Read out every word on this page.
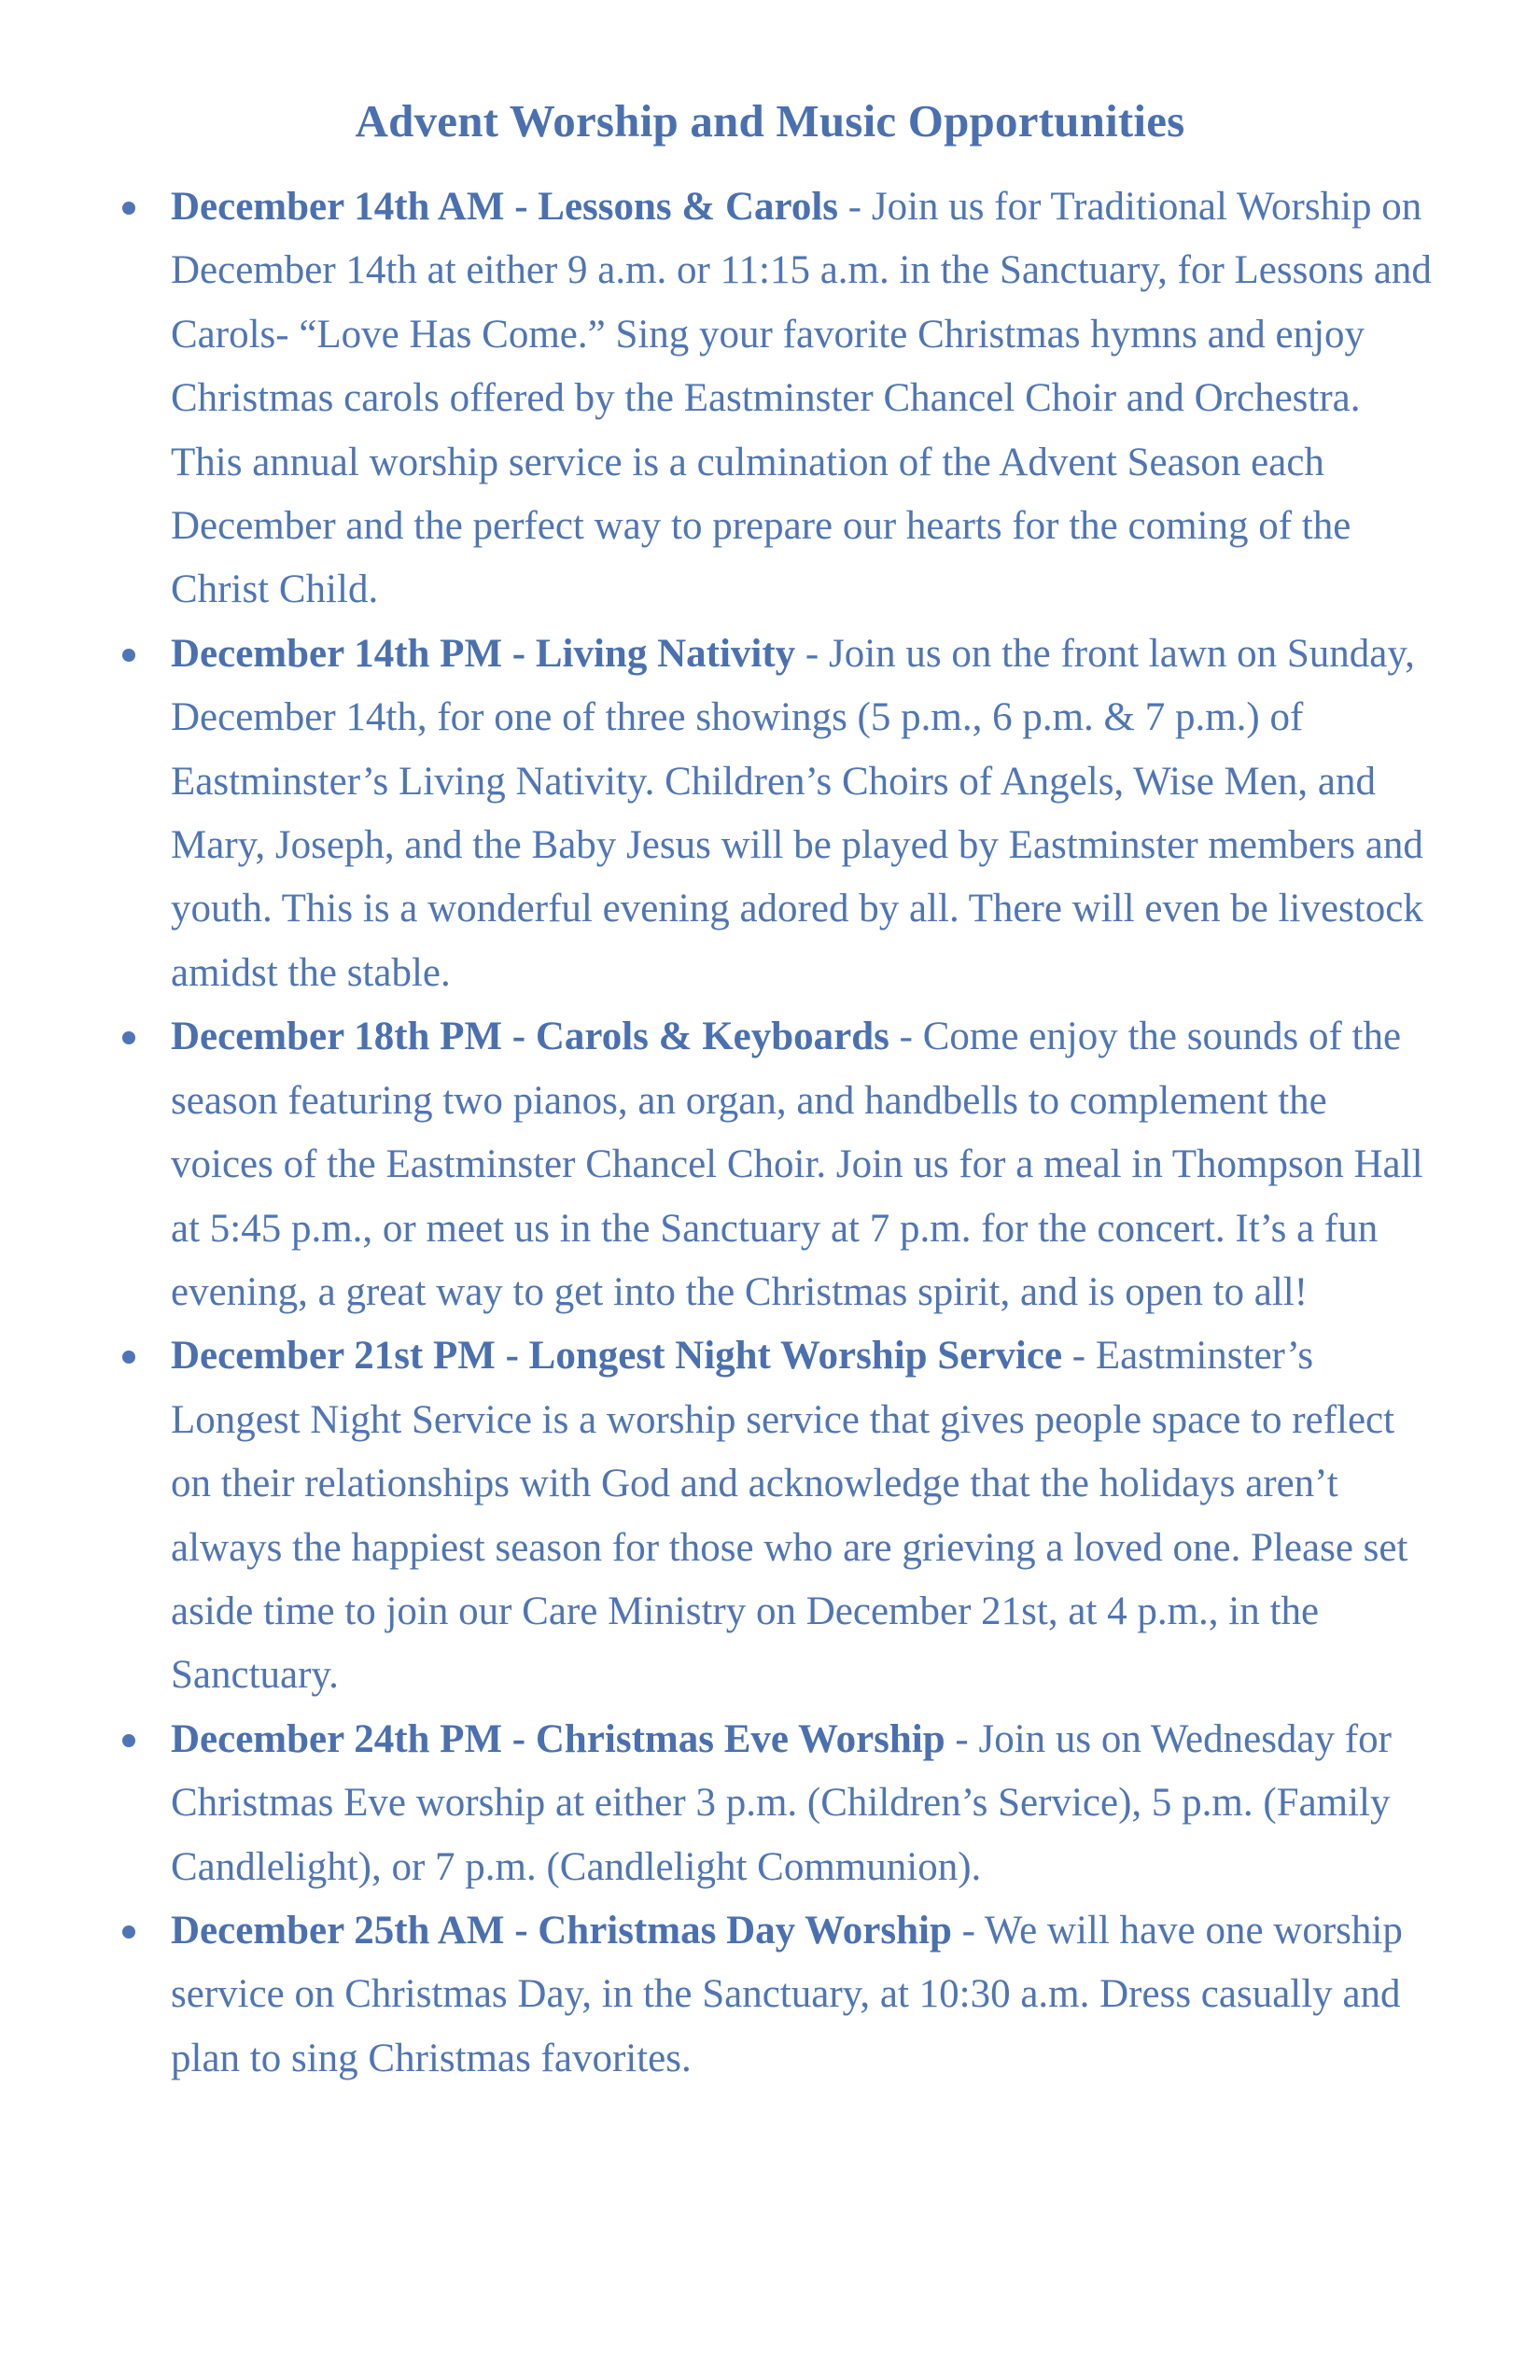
Advent Worship and Music Opportunities
December 14th AM - Lessons & Carols - Join us for Traditional Worship on December 14th at either 9 a.m. or 11:15 a.m. in the Sanctuary, for Lessons and Carols- “Love Has Come.” Sing your favorite Christmas hymns and enjoy Christmas carols offered by the Eastminster Chancel Choir and Orchestra. This annual worship service is a culmination of the Advent Season each December and the perfect way to prepare our hearts for the coming of the Christ Child.
December 14th PM - Living Nativity - Join us on the front lawn on Sunday, December 14th, for one of three showings (5 p.m., 6 p.m. & 7 p.m.) of Eastminster’s Living Nativity. Children’s Choirs of Angels, Wise Men, and Mary, Joseph, and the Baby Jesus will be played by Eastminster members and youth. This is a wonderful evening adored by all. There will even be livestock amidst the stable.
December 18th PM - Carols & Keyboards - Come enjoy the sounds of the season featuring two pianos, an organ, and handbells to complement the voices of the Eastminster Chancel Choir. Join us for a meal in Thompson Hall at 5:45 p.m., or meet us in the Sanctuary at 7 p.m. for the concert. It’s a fun evening, a great way to get into the Christmas spirit, and is open to all!
December 21st PM - Longest Night Worship Service - Eastminster’s Longest Night Service is a worship service that gives people space to reflect on their relationships with God and acknowledge that the holidays aren’t always the happiest season for those who are grieving a loved one. Please set aside time to join our Care Ministry on December 21st, at 4 p.m., in the Sanctuary.
December 24th PM - Christmas Eve Worship - Join us on Wednesday for Christmas Eve worship at either 3 p.m. (Children’s Service), 5 p.m. (Family Candlelight), or 7 p.m. (Candlelight Communion).
December 25th AM - Christmas Day Worship - We will have one worship service on Christmas Day, in the Sanctuary, at 10:30 a.m. Dress casually and plan to sing Christmas favorites.
